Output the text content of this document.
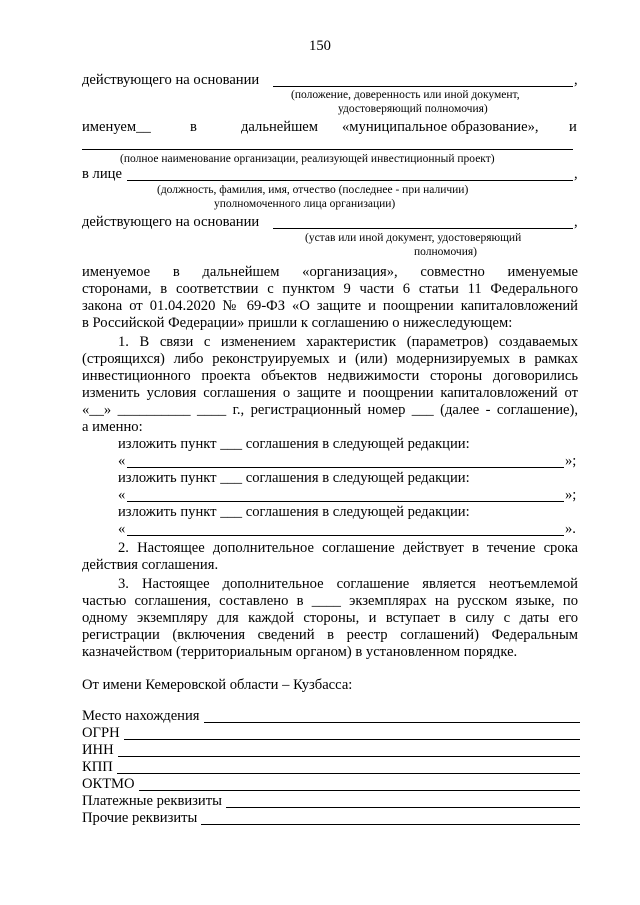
150
действующего на основании	,
(положение, доверенность или иной документ,
удостоверяющий полномочия)
именуем__	в	дальнейшем «муниципальное образование», и
(полное наименование организации, реализующей инвестиционный проект)
в лице	,
(должность, фамилия, имя, отчество (последнее - при наличии)
уполномоченного лица организации)
действующего на основании	,
(устав или иной документ, удостоверяющий
полномочия)
именуемое в дальнейшем «организация», совместно именуемые
сторонами, в соответствии с пунктом 9 части 6 статьи 11 Федерального
закона от 01.04.2020 № 69-ФЗ «О защите и поощрении капиталовложений
в Российской Федерации» пришли к соглашению о нижеследующем:
1. В связи с изменением характеристик (параметров) создаваемых
(строящихся) либо реконструируемых и (или) модернизируемых в рамках
инвестиционного проекта объектов недвижимости стороны договорились
изменить условия соглашения о защите и поощрении капиталовложений от
«__» __________ ____ г., регистрационный номер ___ (далее - соглашение),
а именно:
изложить пункт ___ соглашения в следующей редакции:
«	»;
изложить пункт ___ соглашения в следующей редакции:
«	»;
изложить пункт ___ соглашения в следующей редакции:
«	».
2. Настоящее дополнительное соглашение действует в течение срока
действия соглашения.
3. Настоящее дополнительное соглашение является неотъемлемой
частью соглашения, составлено в ____ экземплярах на русском языке, по
одному экземпляру для каждой стороны, и вступает в силу с даты его
регистрации (включения сведений в реестр соглашений) Федеральным
казначейством (территориальным органом) в установленном порядке.
От имени Кемеровской области – Кузбасса:
Место нахождения
ОГРН
ИНН
КПП
ОКТМО
Платежные реквизиты
Прочие реквизиты
